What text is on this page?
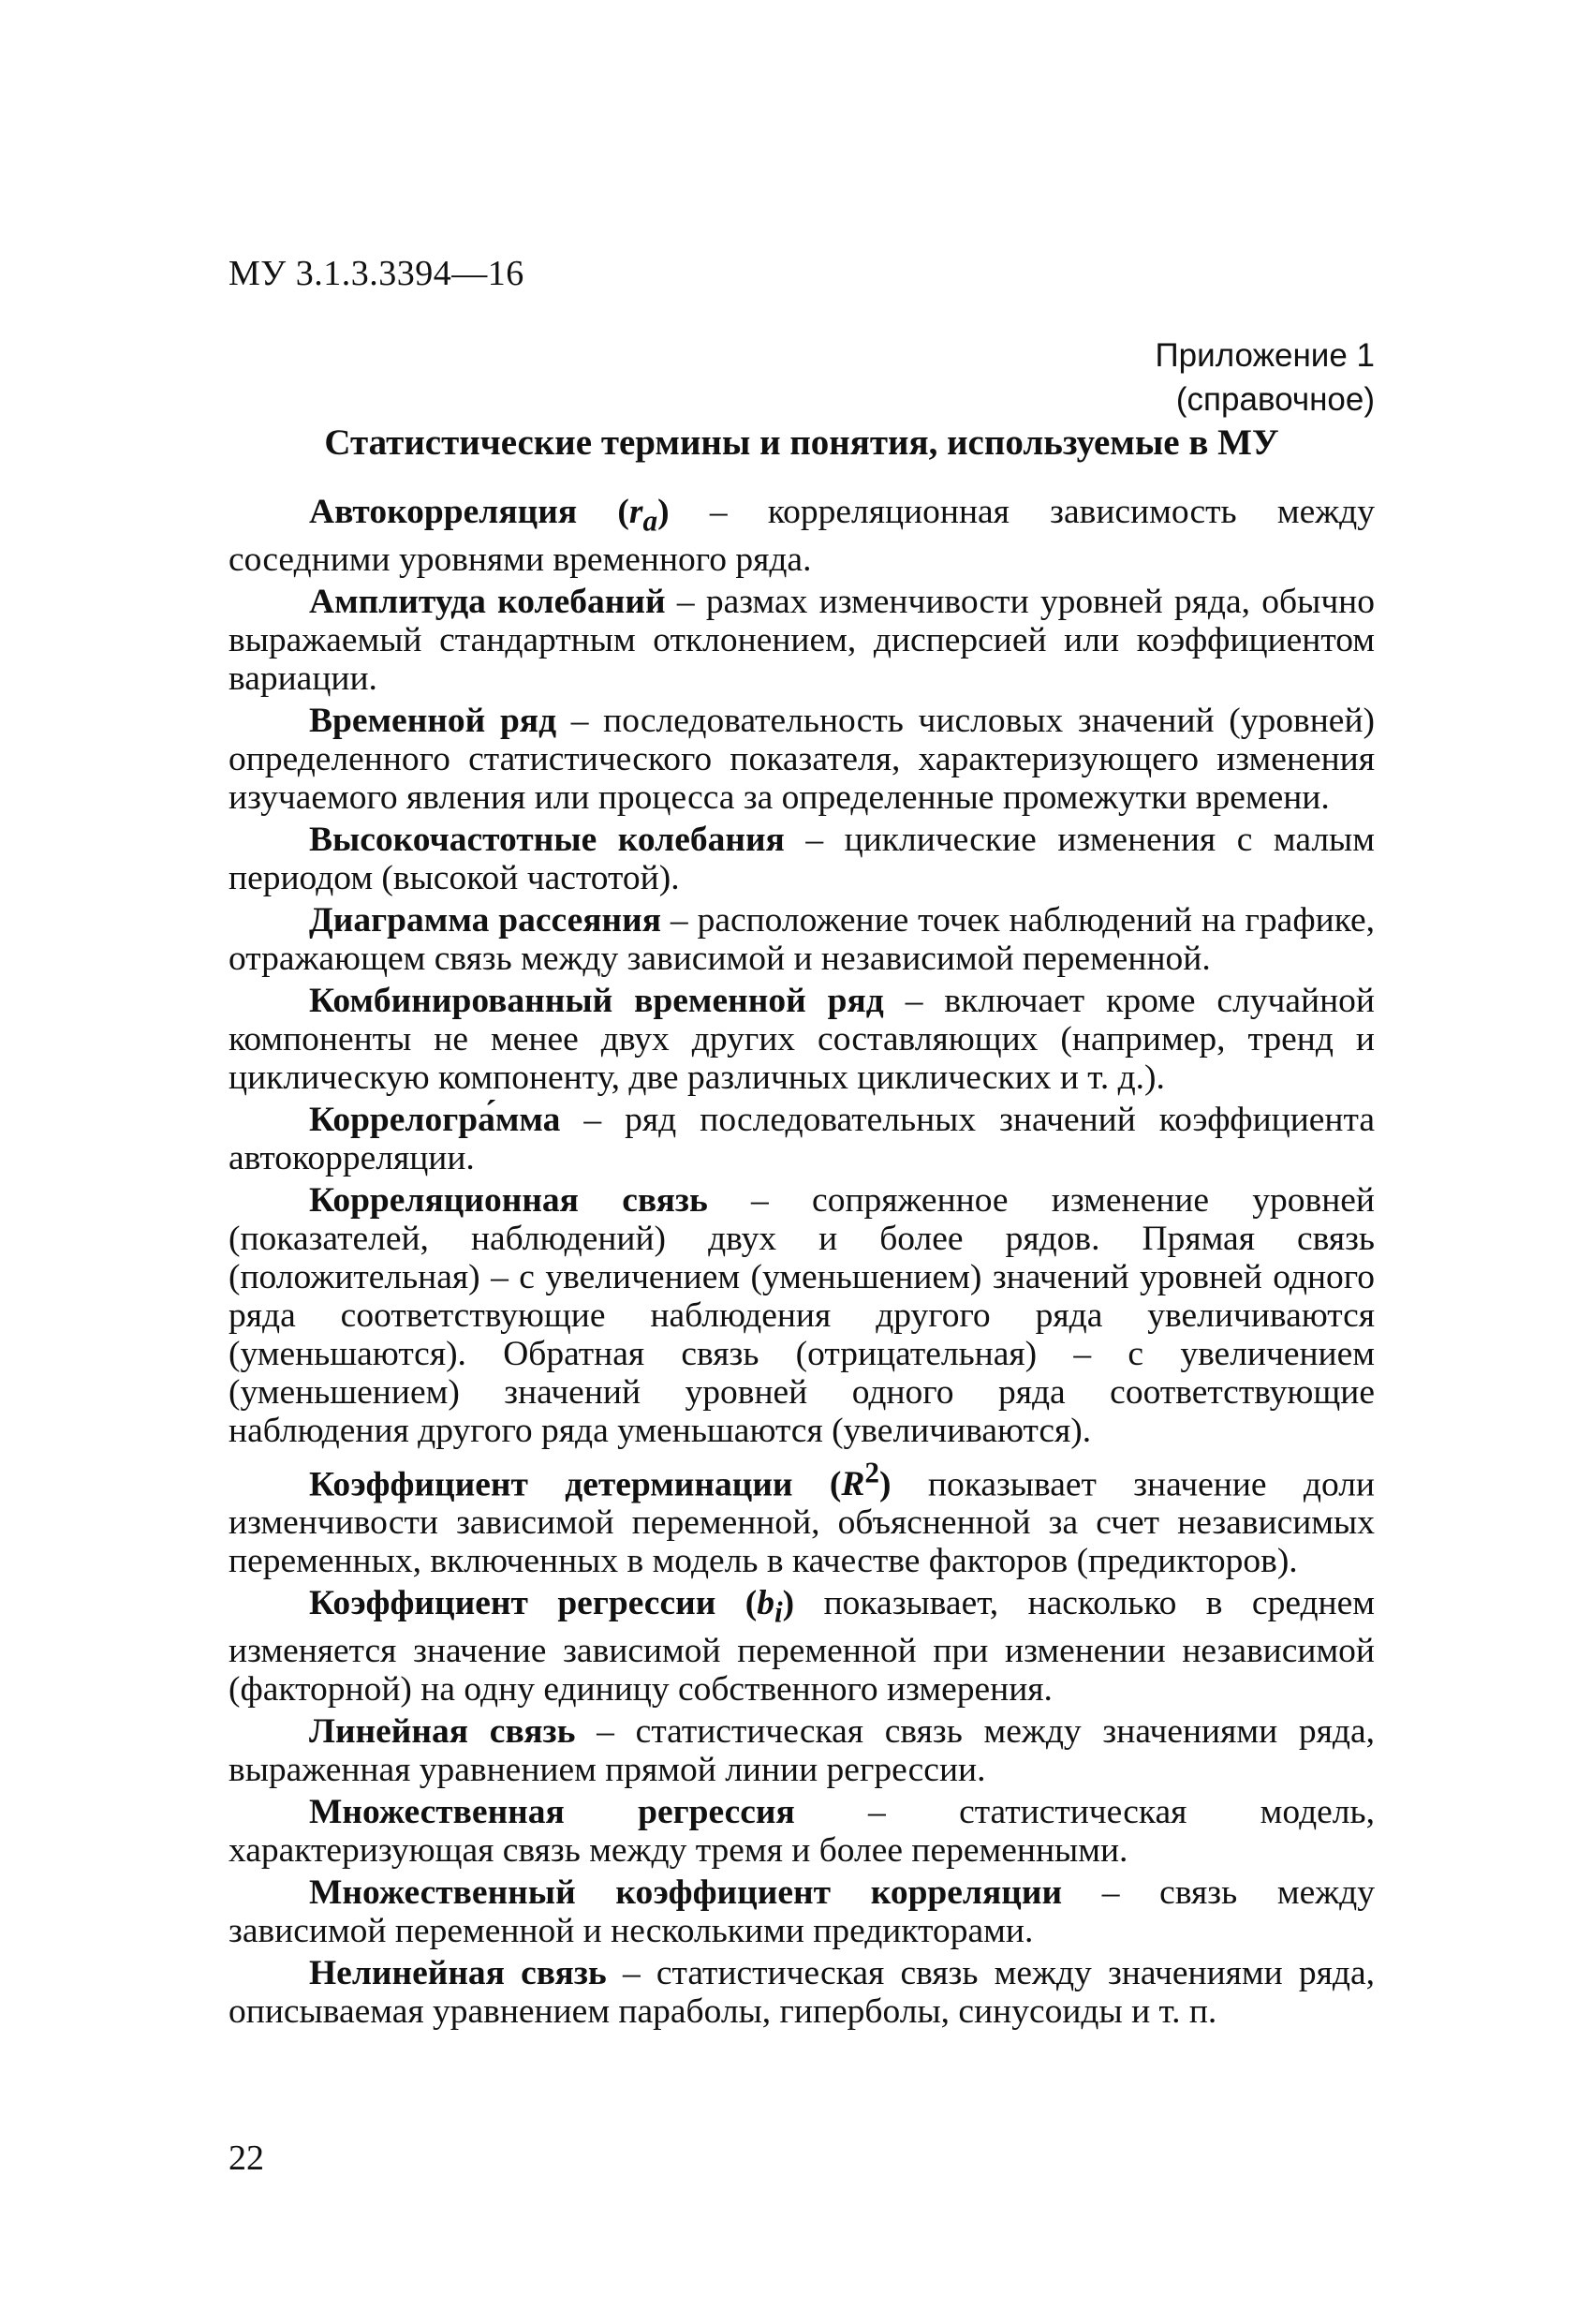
МУ 3.1.3.3394—16
Приложение 1
(справочное)
Статистические термины и понятия, используемые в МУ

Автокорреляция $(r_a)$ – корреляционная зависимость между соседними уровнями временного ряда.

Амплитуда колебаний – размах изменчивости уровней ряда, обычно выражаемый стандартным отклонением, дисперсией или коэффициентом вариации.

Временной ряд – последовательность числовых значений (уровней) определенного статистического показателя, характеризующего изменения изучаемого явления или процесса за определенные промежутки времени.

Высокочастотные колебания – циклические изменения с малым периодом (высокой частотой).

Диаграмма рассеяния – расположение точек наблюдений на графике, отражающем связь между зависимой и независимой переменной.

Комбинированный временной ряд – включает кроме случайной компоненты не менее двух других составляющих (например, тренд и циклическую компоненту, две различных циклических и т. д.).

Коррелогра́мма – ряд последовательных значений коэффициента автокорреляции.

Корреляционная связь – сопряженное изменение уровней (показателей, наблюдений) двух и более рядов. Прямая связь (положительная) – с увеличением (уменьшением) значений уровней одного ряда соответствующие наблюдения другого ряда увеличиваются (уменьшаются). Обратная связь (отрицательная) – с увеличением (уменьшением) значений уровней одного ряда соответствующие наблюдения другого ряда уменьшаются (увеличиваются).

Коэффициент детерминации $(R^2)$ показывает значение доли изменчивости зависимой переменной, объясненной за счет независимых переменных, включенных в модель в качестве факторов (предикторов).

Коэффициент регрессии $(b_i)$ показывает, насколько в среднем изменяется значение зависимой переменной при изменении независимой (факторной) на одну единицу собственного измерения.

Линейная связь – статистическая связь между значениями ряда, выраженная уравнением прямой линии регрессии.

Множественная регрессия – статистическая модель, характеризующая связь между тремя и более переменными.

Множественный коэффициент корреляции – связь между зависимой переменной и несколькими предикторами.

Нелинейная связь – статистическая связь между значениями ряда, описываемая уравнением параболы, гиперболы, синусоиды и т. п.

22
